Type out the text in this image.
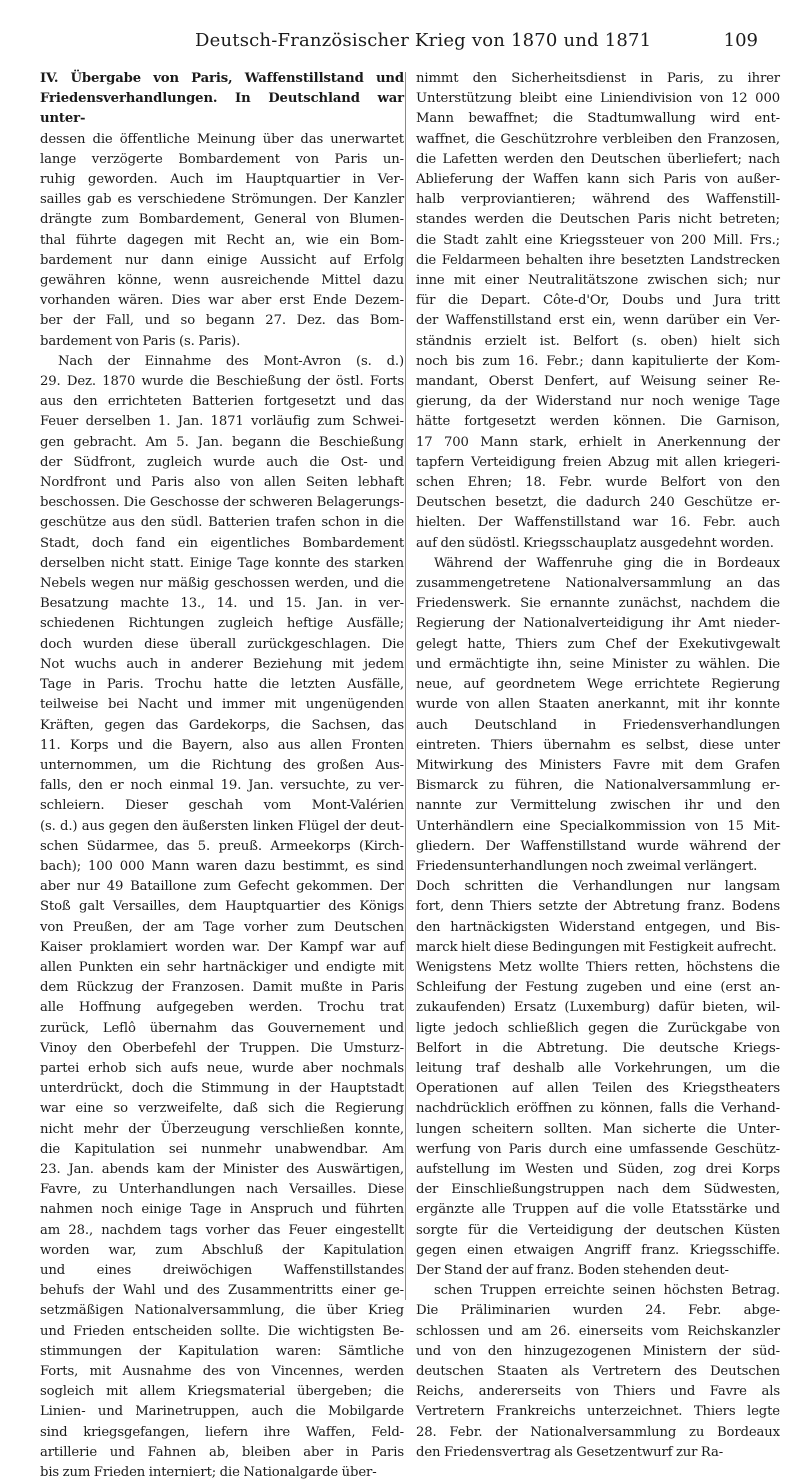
Deutsch-Französischer Krieg von 1870 und 1871	109

IV. Übergabe von Paris, Waffenstillstand und

Friedensverhandlungen. In Deutschland war unter-

dessen die öffentliche Meinung über das unerwartet

lange verzögerte Bombardement von Paris un-

ruhig geworden. Auch im Hauptquartier in Ver-

sailles gab es verschiedene Strömungen. Der Kanzler

drängte zum Bombardement, General von Blumen-

thal führte dagegen mit Recht an, wie ein Bom-

bardement nur dann einige Aussicht auf Erfolg

gewähren könne, wenn ausreichende Mittel dazu

vorhanden wären. Dies war aber erst Ende Dezem-

ber der Fall, und so begann 27. Dez. das Bom-

bardement von Paris (s. Paris).

Nach der Einnahme des Mont-Avron (s. d.)

29. Dez. 1870 wurde die Beschießung der östl. Forts

aus den errichteten Batterien fortgesetzt und das

Feuer derselben 1. Jan. 1871 vorläufig zum Schwei-

gen gebracht. Am 5. Jan. begann die Beschießung

der Südfront, zugleich wurde auch die Ost- und

Nordfront und Paris also von allen Seiten lebhaft

beschossen. Die Geschosse der schweren Belagerungs-

geschütze aus den südl. Batterien trafen schon in die

Stadt, doch fand ein eigentliches Bombardement

derselben nicht statt. Einige Tage konnte des starken

Nebels wegen nur mäßig geschossen werden, und die

Besatzung machte 13., 14. und 15. Jan. in ver-

schiedenen Richtungen zugleich heftige Ausfälle;

doch wurden diese überall zurückgeschlagen. Die

Not wuchs auch in anderer Beziehung mit jedem

Tage in Paris. Trochu hatte die letzten Ausfälle,

teilweise bei Nacht und immer mit ungenügenden

Kräften, gegen das Gardekorps, die Sachsen, das

11. Korps und die Bayern, also aus allen Fronten

unternommen, um die Richtung des großen Aus-

falls, den er noch einmal 19. Jan. versuchte, zu ver-

schleiern. Dieser geschah vom Mont-Valérien

(s. d.) aus gegen den äußersten linken Flügel der deut-

schen Südarmee, das 5. preuß. Armeekorps (Kirch-

bach); 100 000 Mann waren dazu bestimmt, es sind

aber nur 49 Bataillone zum Gefecht gekommen. Der

Stoß galt Versailles, dem Hauptquartier des Königs

von Preußen, der am Tage vorher zum Deutschen

Kaiser proklamiert worden war. Der Kampf war auf

allen Punkten ein sehr hartnäckiger und endigte mit

dem Rückzug der Franzosen. Damit mußte in Paris

alle Hoffnung aufgegeben werden. Trochu trat

zurück, Leflô übernahm das Gouvernement und

Vinoy den Oberbefehl der Truppen. Die Umsturz-

partei erhob sich aufs neue, wurde aber nochmals

unterdrückt, doch die Stimmung in der Hauptstadt

war eine so verzweifelte, daß sich die Regierung

nicht mehr der Überzeugung verschließen konnte,

die Kapitulation sei nunmehr unabwendbar. Am

23. Jan. abends kam der Minister des Auswärtigen,

Favre, zu Unterhandlungen nach Versailles. Diese

nahmen noch einige Tage in Anspruch und führten

am 28., nachdem tags vorher das Feuer eingestellt

worden war, zum Abschluß der Kapitulation

und eines dreiwöchigen Waffenstillstandes

behufs der Wahl und des Zusammentritts einer ge-

setzmäßigen Nationalversammlung, die über Krieg

und Frieden entscheiden sollte. Die wichtigsten Be-

stimmungen der Kapitulation waren: Sämtliche

Forts, mit Ausnahme des von Vincennes, werden

sogleich mit allem Kriegsmaterial übergeben; die

Linien- und Marinetruppen, auch die Mobilgarde

sind kriegsgefangen, liefern ihre Waffen, Feld-

artillerie und Fahnen ab, bleiben aber in Paris

bis zum Frieden interniert; die Nationalgarde über-

nimmt den Sicherheitsdienst in Paris, zu ihrer

Unterstützung bleibt eine Liniendivision von 12 000

Mann bewaffnet; die Stadtumwallung wird ent-

waffnet, die Geschützrohre verbleiben den Franzosen,

die Lafetten werden den Deutschen überliefert; nach

Ablieferung der Waffen kann sich Paris von außer-

halb verproviantieren; während des Waffenstill-

standes werden die Deutschen Paris nicht betreten;

die Stadt zahlt eine Kriegssteuer von 200 Mill. Frs.;

die Feldarmeen behalten ihre besetzten Landstrecken

inne mit einer Neutralitätszone zwischen sich; nur

für die Depart. Côte-d'Or, Doubs und Jura tritt

der Waffenstillstand erst ein, wenn darüber ein Ver-

ständnis erzielt ist. Belfort (s. oben) hielt sich

noch bis zum 16. Febr.; dann kapitulierte der Kom-

mandant, Oberst Denfert, auf Weisung seiner Re-

gierung, da der Widerstand nur noch wenige Tage

hätte fortgesetzt werden können. Die Garnison,

17 700 Mann stark, erhielt in Anerkennung der

tapfern Verteidigung freien Abzug mit allen kriegeri-

schen Ehren; 18. Febr. wurde Belfort von den

Deutschen besetzt, die dadurch 240 Geschütze er-

hielten. Der Waffenstillstand war 16. Febr. auch

auf den südöstl. Kriegsschauplatz ausgedehnt worden.

Während der Waffenruhe ging die in Bordeaux

zusammengetretene Nationalversammlung an das

Friedenswerk. Sie ernannte zunächst, nachdem die

Regierung der Nationalverteidigung ihr Amt nieder-

gelegt hatte, Thiers zum Chef der Exekutivgewalt

und ermächtigte ihn, seine Minister zu wählen. Die

neue, auf geordnetem Wege errichtete Regierung

wurde von allen Staaten anerkannt, mit ihr konnte

auch Deutschland in Friedensverhandlungen

eintreten. Thiers übernahm es selbst, diese unter

Mitwirkung des Ministers Favre mit dem Grafen

Bismarck zu führen, die Nationalversammlung er-

nannte zur Vermittelung zwischen ihr und den

Unterhändlern eine Specialkommission von 15 Mit-

gliedern. Der Waffenstillstand wurde während der

Friedensunterhandlungen noch zweimal verlängert.

Doch schritten die Verhandlungen nur langsam

fort, denn Thiers setzte der Abtretung franz. Bodens

den hartnäckigsten Widerstand entgegen, und Bis-

marck hielt diese Bedingungen mit Festigkeit aufrecht.

Wenigstens Metz wollte Thiers retten, höchstens die

Schleifung der Festung zugeben und eine (erst an-

zukaufenden) Ersatz (Luxemburg) dafür bieten, wil-

ligte jedoch schließlich gegen die Zurückgabe von

Belfort in die Abtretung. Die deutsche Kriegs-

leitung traf deshalb alle Vorkehrungen, um die

Operationen auf allen Teilen des Kriegstheaters

nachdrücklich eröffnen zu können, falls die Verhand-

lungen scheitern sollten. Man sicherte die Unter-

werfung von Paris durch eine umfassende Geschütz-

aufstellung im Westen und Süden, zog drei Korps

der Einschließungstruppen nach dem Südwesten,

ergänzte alle Truppen auf die volle Etatsstärke und

sorgte für die Verteidigung der deutschen Küsten

gegen einen etwaigen Angriff franz. Kriegsschiffe.

Der Stand der auf franz. Boden stehenden deut-

schen Truppen erreichte seinen höchsten Betrag.

Die Präliminarien wurden 24. Febr. abge-

schlossen und am 26. einerseits vom Reichskanzler

und von den hinzugezogenen Ministern der süd-

deutschen Staaten als Vertretern des Deutschen

Reichs, andererseits von Thiers und Favre als

Vertretern Frankreichs unterzeichnet. Thiers legte

28. Febr. der Nationalversammlung zu Bordeaux

den Friedensvertrag als Gesetzentwurf zur Ra-
